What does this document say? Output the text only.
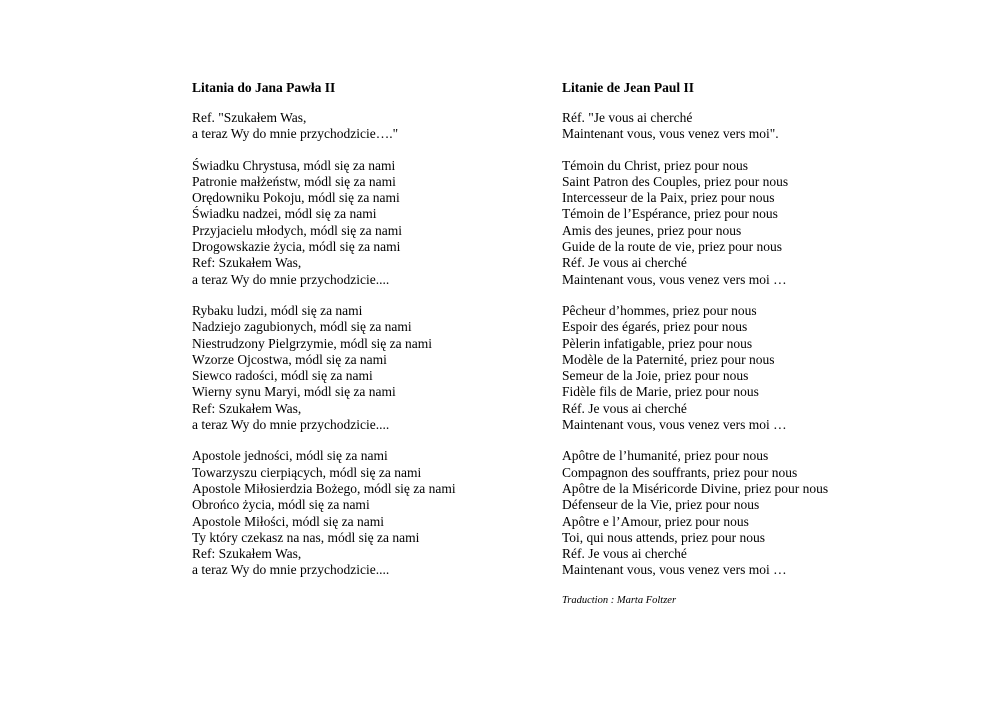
Litania do Jana Pawła II
Ref. "Szukałem Was,
a teraz Wy do mnie przychodzicie…."
Świadku Chrystusa, módl się za nami
Patronie małżeństw, módl się za nami
Orędowniku Pokoju, módl się za nami
Świadku nadzei, módl się za nami
Przyjacielu młodych, módl się za nami
Drogowskazie życia, módl się za nami
Ref: Szukałem Was,
a teraz Wy do mnie przychodzicie....
Rybaku ludzi, módl się za nami
Nadziejo zagubionych, módl się za nami
Niestrudzony Pielgrzymie, módl się za nami
Wzorze Ojcostwa, módl się za nami
Siewco radości, módl się za nami
Wierny synu Maryi, módl się za nami
Ref: Szukałem Was,
a teraz Wy do mnie przychodzicie....
Apostole jedności, módl się za nami
Towarzyszu cierpiących, módl się za nami
Apostole Miłosierdzia Bożego, módl się za nami
Obrońco życia, módl się za nami
Apostole Miłości, módl się za nami
Ty który czekasz na nas, módl się za nami
Ref: Szukałem Was,
a teraz Wy do mnie przychodzicie....
Litanie de Jean Paul II
Réf. "Je vous ai cherché
Maintenant vous, vous venez vers moi".
Témoin du Christ, priez pour nous
Saint Patron des Couples, priez pour nous
Intercesseur de la Paix, priez pour nous
Témoin de l’Espérance, priez pour nous
Amis des jeunes, priez pour nous
Guide de la route de vie, priez pour nous
Réf. Je vous ai cherché
Maintenant vous, vous venez vers moi …
Pêcheur d’hommes, priez pour nous
Espoir des égarés, priez pour nous
Pèlerin infatigable, priez pour nous
Modèle de la Paternité, priez pour nous
Semeur de la Joie, priez pour nous
Fidèle fils de Marie, priez pour nous
Réf. Je vous ai cherché
Maintenant vous, vous venez vers moi …
Apôtre de l’humanité, priez pour nous
Compagnon des souffrants, priez pour nous
Apôtre de la Miséricorde Divine, priez pour nous
Défenseur de la Vie, priez pour nous
Apôtre e l’Amour, priez pour nous
Toi, qui nous attends, priez pour nous
Réf. Je vous ai cherché
Maintenant vous, vous venez vers moi …
Traduction : Marta Foltzer
